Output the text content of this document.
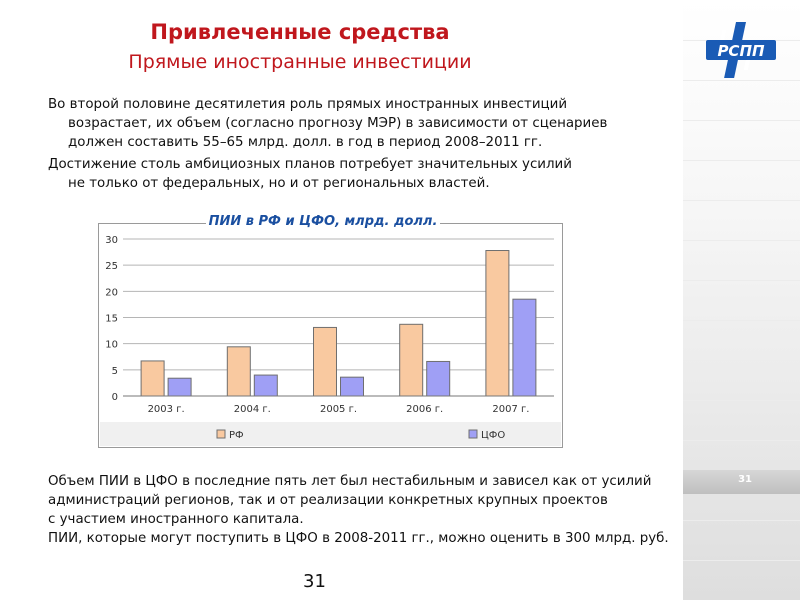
РСПП
Привлеченные средства
Прямые иностранные инвестиции
Во второй половине десятилетия роль прямых иностранных инвестиций
возрастает, их объем (согласно прогнозу МЭР) в зависимости от сценариев
должен составить 55–65 млрд. долл. в год в период 2008–2011 гг.
Достижение столь амбициозных планов потребует значительных усилий
не только от федеральных, но и от региональных властей.
0
5
10
15
20
25
30
2003 г.	2004 г.	2005 г.	2006 г.	2007 г.
РФ	ЦФО
ПИИ в РФ и ЦФО, млрд. долл.
Объем ПИИ в ЦФО в последние пять лет был нестабильным и зависел как от усилий
администраций регионов, так и от реализации конкретных крупных проектов
с участием иностранного капитала.
ПИИ, которые могут поступить в ЦФО в 2008-2011 гг., можно оценить в 300 млрд. руб.
31
31
